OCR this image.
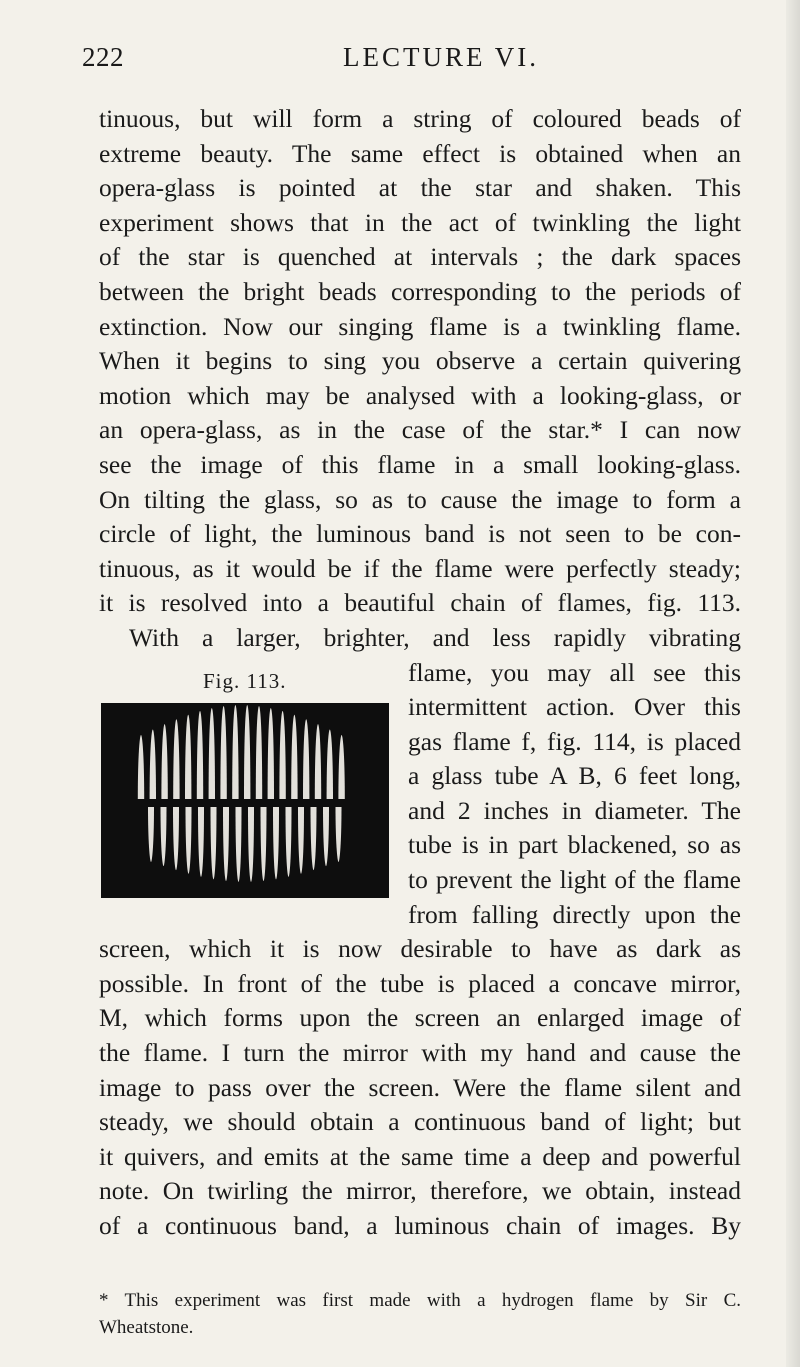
222	LECTURE VI.
tinuous, but will form a string of coloured beads of
extreme beauty. The same effect is obtained when an
opera-glass is pointed at the star and shaken. This
experiment shows that in the act of twinkling the light
of the star is quenched at intervals ; the dark spaces
between the bright beads corresponding to the periods of
extinction. Now our singing flame is a twinkling flame.
When it begins to sing you observe a certain quivering
motion which may be analysed with a looking-glass, or
an opera-glass, as in the case of the star.* I can now
see the image of this flame in a small looking-glass.
On tilting the glass, so as to cause the image to form a
circle of light, the luminous band is not seen to be con-
tinuous, as it would be if the flame were perfectly steady;
it is resolved into a beautiful chain of flames, fig. 113.
With a larger, brighter, and less rapidly vibrating
Fig. 113.	flame, you may all see this
intermittent action. Over this
gas flame f, fig. 114, is placed
a glass tube A B, 6 feet long,
and 2 inches in diameter. The
tube is in part blackened, so as
to prevent the light of the flame
from falling directly upon the
screen, which it is now desirable to have as dark as
possible. In front of the tube is placed a concave mirror,
M, which forms upon the screen an enlarged image of
the flame. I turn the mirror with my hand and cause the
image to pass over the screen. Were the flame silent and
steady, we should obtain a continuous band of light; but
it quivers, and emits at the same time a deep and powerful
note. On twirling the mirror, therefore, we obtain, instead
of a continuous band, a luminous chain of images. By
* This experiment was first made with a hydrogen flame by Sir C.
Wheatstone.
